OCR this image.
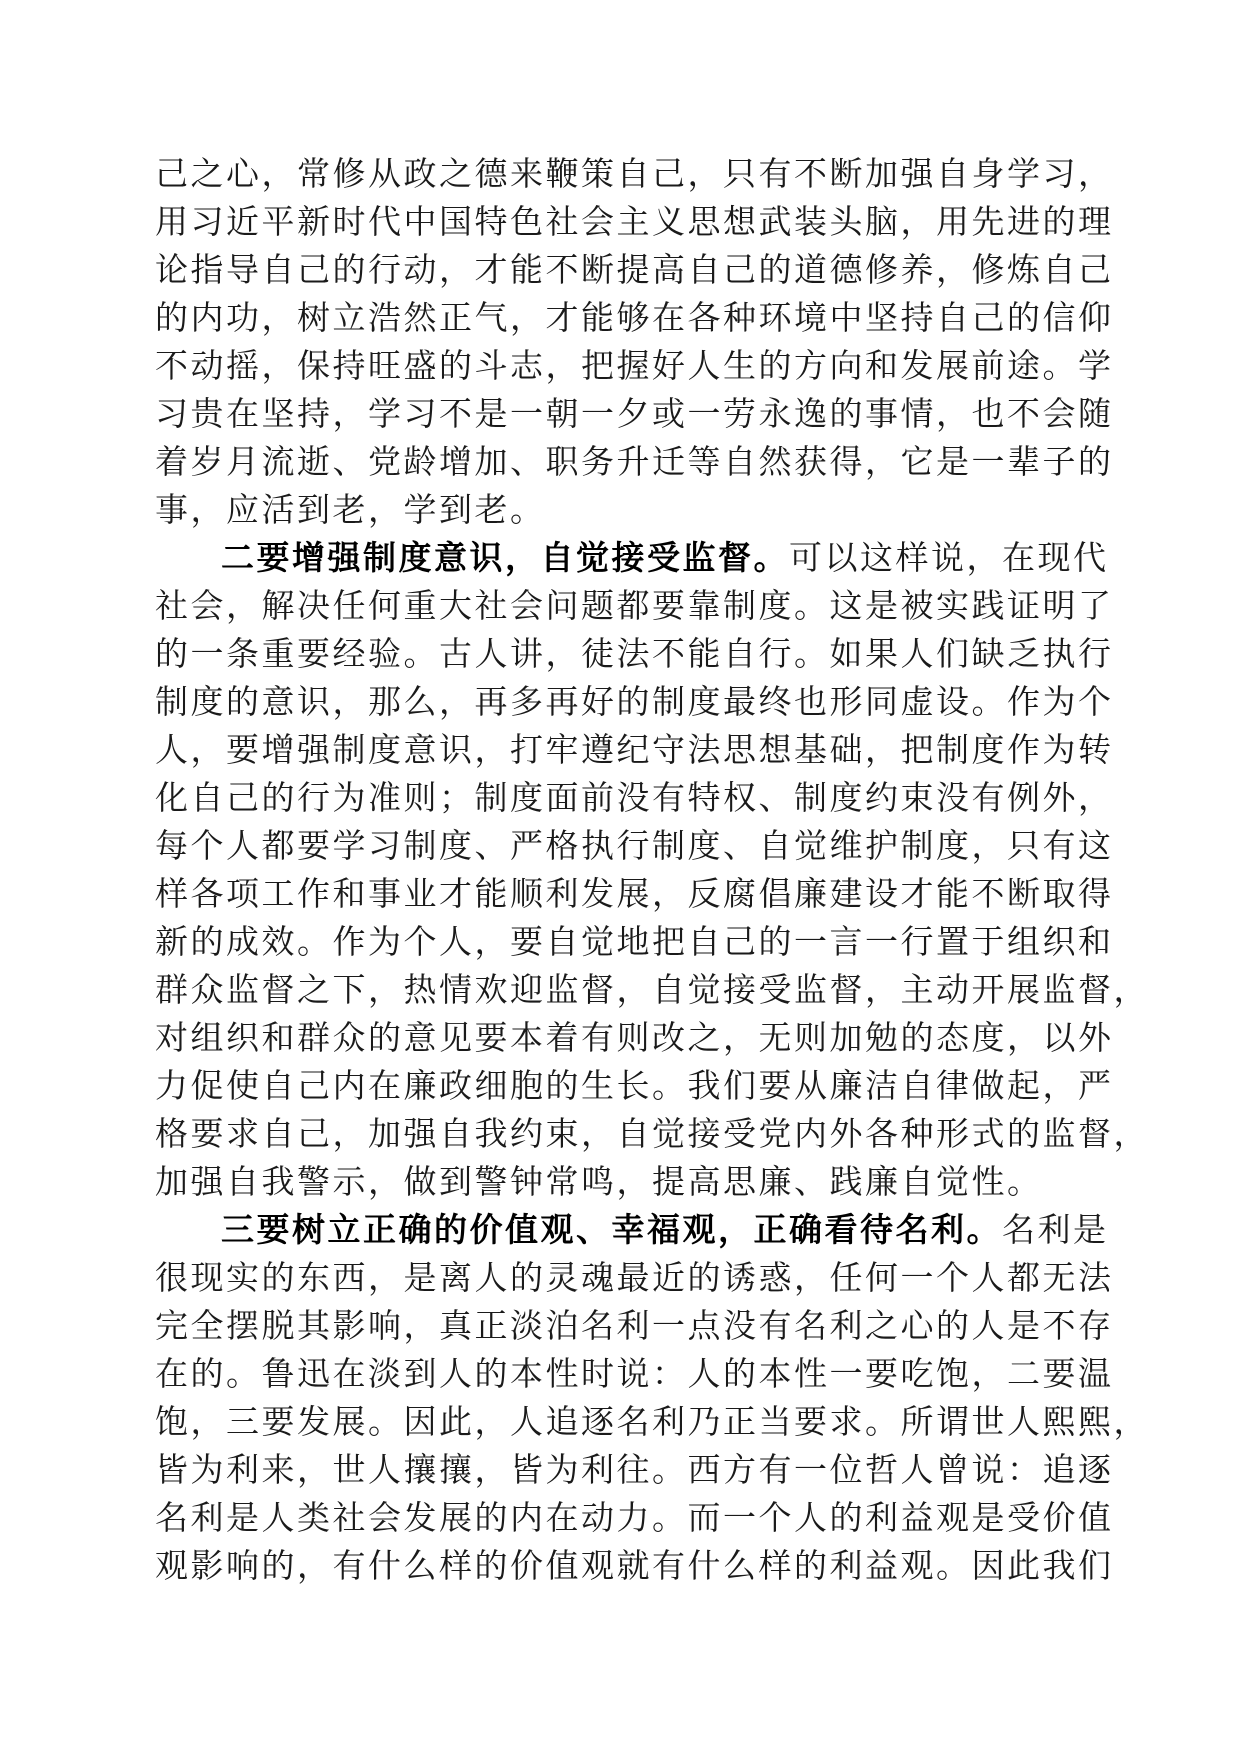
己之心，常修从政之德来鞭策自己，只有不断加强自身学习，
用习近平新时代中国特色社会主义思想武装头脑，用先进的理
论指导自己的行动，才能不断提高自己的道德修养，修炼自己
的内功，树立浩然正气，才能够在各种环境中坚持自己的信仰
不动摇，保持旺盛的斗志，把握好人生的方向和发展前途。学
习贵在坚持，学习不是一朝一夕或一劳永逸的事情，也不会随
着岁月流逝、党龄增加、职务升迁等自然获得，它是一辈子的
事，应活到老，学到老。
二要增强制度意识，自觉接受监督。可以这样说，在现代
社会，解决任何重大社会问题都要靠制度。这是被实践证明了
的一条重要经验。古人讲，徒法不能自行。如果人们缺乏执行
制度的意识，那么，再多再好的制度最终也形同虚设。作为个
人，要增强制度意识，打牢遵纪守法思想基础，把制度作为转
化自己的行为准则；制度面前没有特权、制度约束没有例外，
每个人都要学习制度、严格执行制度、自觉维护制度，只有这
样各项工作和事业才能顺利发展，反腐倡廉建设才能不断取得
新的成效。作为个人，要自觉地把自己的一言一行置于组织和
群众监督之下，热情欢迎监督，自觉接受监督，主动开展监督，
对组织和群众的意见要本着有则改之，无则加勉的态度，以外
力促使自己内在廉政细胞的生长。我们要从廉洁自律做起，严
格要求自己，加强自我约束，自觉接受党内外各种形式的监督，
加强自我警示，做到警钟常鸣，提高思廉、践廉自觉性。
三要树立正确的价值观、幸福观，正确看待名利。名利是
很现实的东西，是离人的灵魂最近的诱惑，任何一个人都无法
完全摆脱其影响，真正淡泊名利一点没有名利之心的人是不存
在的。鲁迅在淡到人的本性时说：人的本性一要吃饱，二要温
饱，三要发展。因此，人追逐名利乃正当要求。所谓世人熙熙，
皆为利来，世人攘攘，皆为利往。西方有一位哲人曾说：追逐
名利是人类社会发展的内在动力。而一个人的利益观是受价值
观影响的，有什么样的价值观就有什么样的利益观。因此我们
